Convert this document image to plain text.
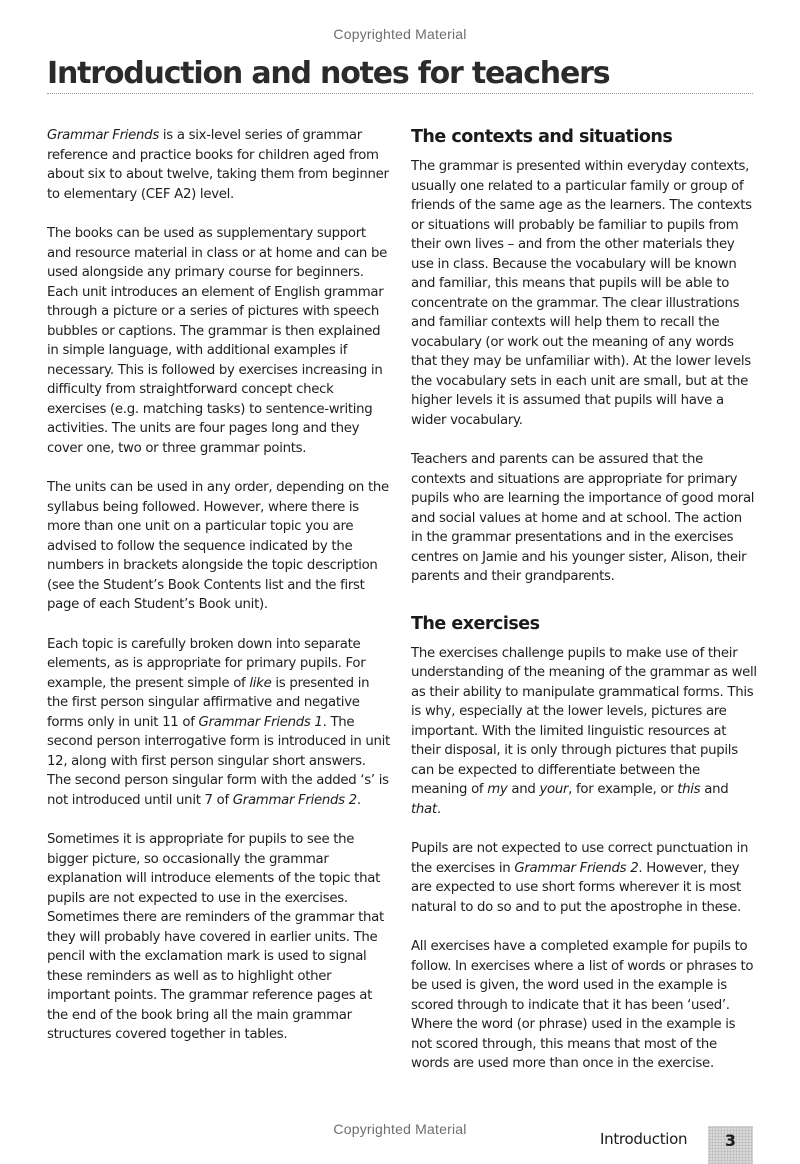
Copyrighted Material
Introduction and notes for teachers

Grammar Friends is a six-level series of grammar reference and practice books for children aged from about six to about twelve, taking them from beginner to elementary (CEF A2) level.

The books can be used as supplementary support and resource material in class or at home and can be used alongside any primary course for beginners. Each unit introduces an element of English grammar through a picture or a series of pictures with speech bubbles or captions. The grammar is then explained in simple language, with additional examples if necessary. This is followed by exercises increasing in difficulty from straightforward concept check exercises (e.g. matching tasks) to sentence-writing activities. The units are four pages long and they cover one, two or three grammar points.

The units can be used in any order, depending on the syllabus being followed. However, where there is more than one unit on a particular topic you are advised to follow the sequence indicated by the numbers in brackets alongside the topic description (see the Student’s Book Contents list and the first page of each Student’s Book unit).

Each topic is carefully broken down into separate elements, as is appropriate for primary pupils. For example, the present simple of like is presented in the first person singular affirmative and negative forms only in unit 11 of Grammar Friends 1. The second person interrogative form is introduced in unit 12, along with first person singular short answers. The second person singular form with the added ‘s’ is not introduced until unit 7 of Grammar Friends 2.

Sometimes it is appropriate for pupils to see the bigger picture, so occasionally the grammar explanation will introduce elements of the topic that pupils are not expected to use in the exercises. Sometimes there are reminders of the grammar that they will probably have covered in earlier units. The pencil with the exclamation mark is used to signal these reminders as well as to highlight other important points. The grammar reference pages at the end of the book bring all the main grammar structures covered together in tables.

The contexts and situations

The grammar is presented within everyday contexts, usually one related to a particular family or group of friends of the same age as the learners. The contexts or situations will probably be familiar to pupils from their own lives – and from the other materials they use in class. Because the vocabulary will be known and familiar, this means that pupils will be able to concentrate on the grammar. The clear illustrations and familiar contexts will help them to recall the vocabulary (or work out the meaning of any words that they may be unfamiliar with). At the lower levels the vocabulary sets in each unit are small, but at the higher levels it is assumed that pupils will have a wider vocabulary.

Teachers and parents can be assured that the contexts and situations are appropriate for primary pupils who are learning the importance of good moral and social values at home and at school. The action in the grammar presentations and in the exercises centres on Jamie and his younger sister, Alison, their parents and their grandparents.

The exercises

The exercises challenge pupils to make use of their understanding of the meaning of the grammar as well as their ability to manipulate grammatical forms. This is why, especially at the lower levels, pictures are important. With the limited linguistic resources at their disposal, it is only through pictures that pupils can be expected to differentiate between the meaning of my and your, for example, or this and that.

Pupils are not expected to use correct punctuation in the exercises in Grammar Friends 2. However, they are expected to use short forms wherever it is most natural to do so and to put the apostrophe in these.

All exercises have a completed example for pupils to follow. In exercises where a list of words or phrases to be used is given, the word used in the example is scored through to indicate that it has been ‘used’. Where the word (or phrase) used in the example is not scored through, this means that most of the words are used more than once in the exercise.

Copyrighted Material
Introduction	3
